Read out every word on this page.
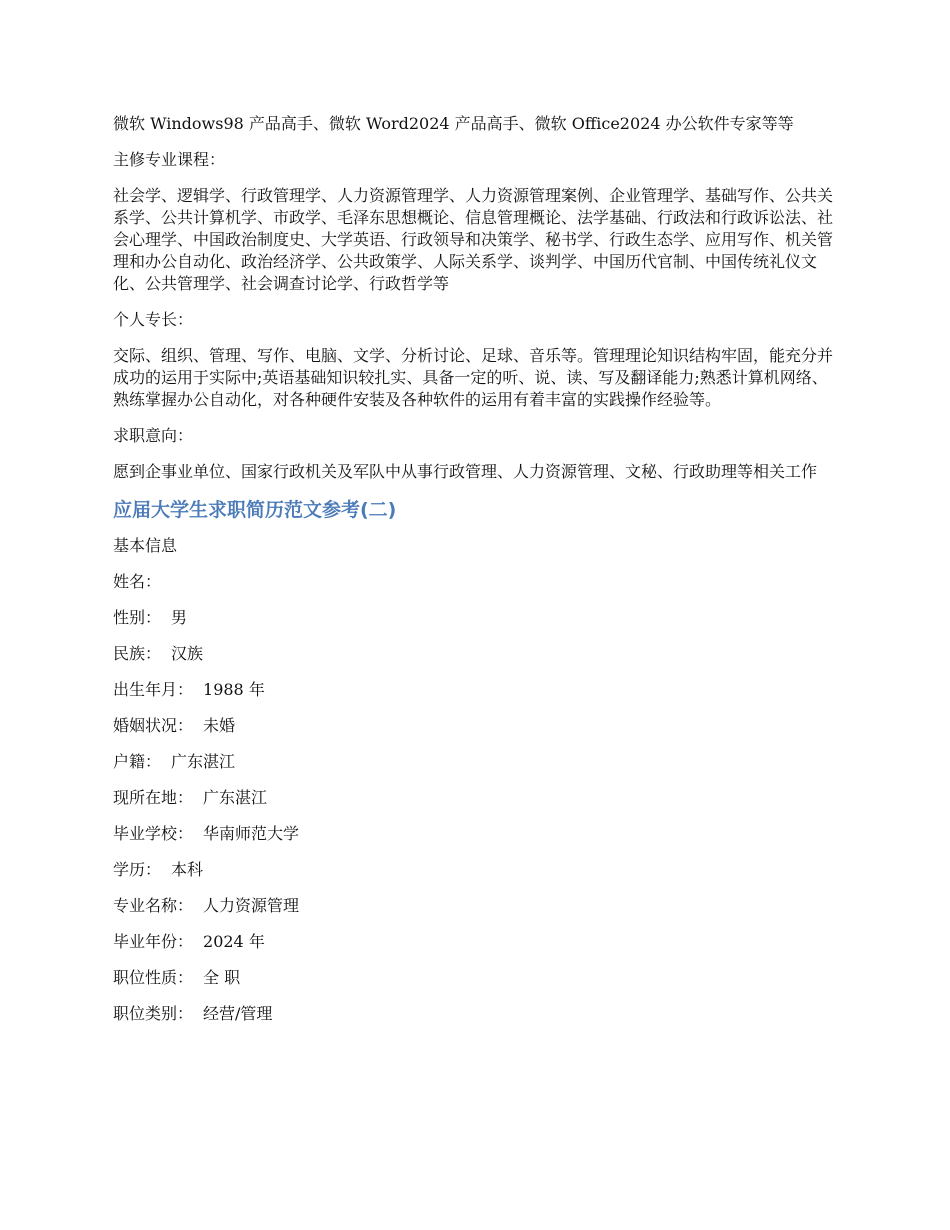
微软 Windows98 产品高手、微软 Word2024 产品高手、微软 Office2024 办公软件专家等等

主修专业课程：

社会学、逻辑学、行政管理学、人力资源管理学、人力资源管理案例、企业管理学、基础写作、公共关系学、公共计算机学、市政学、毛泽东思想概论、信息管理概论、法学基础、行政法和行政诉讼法、社会心理学、中国政治制度史、大学英语、行政领导和决策学、秘书学、行政生态学、应用写作、机关管理和办公自动化、政治经济学、公共政策学、人际关系学、谈判学、中国历代官制、中国传统礼仪文化、公共管理学、社会调查讨论学、行政哲学等

个人专长：

交际、组织、管理、写作、电脑、文学、分析讨论、足球、音乐等。管理理论知识结构牢固，能充分并成功的运用于实际中;英语基础知识较扎实、具备一定的听、说、读、写及翻译能力;熟悉计算机网络、熟练掌握办公自动化，对各种硬件安装及各种软件的运用有着丰富的实践操作经验等。

求职意向：

愿到企事业单位、国家行政机关及军队中从事行政管理、人力资源管理、文秘、行政助理等相关工作

应届大学生求职简历范文参考(二)
基本信息
姓名：
性别： 男
民族： 汉族
出生年月： 1988 年
婚姻状况： 未婚
户籍： 广东湛江
现所在地： 广东湛江
毕业学校： 华南师范大学
学历： 本科
专业名称： 人力资源管理
毕业年份： 2024 年
职位性质： 全 职
职位类别： 经营/管理
